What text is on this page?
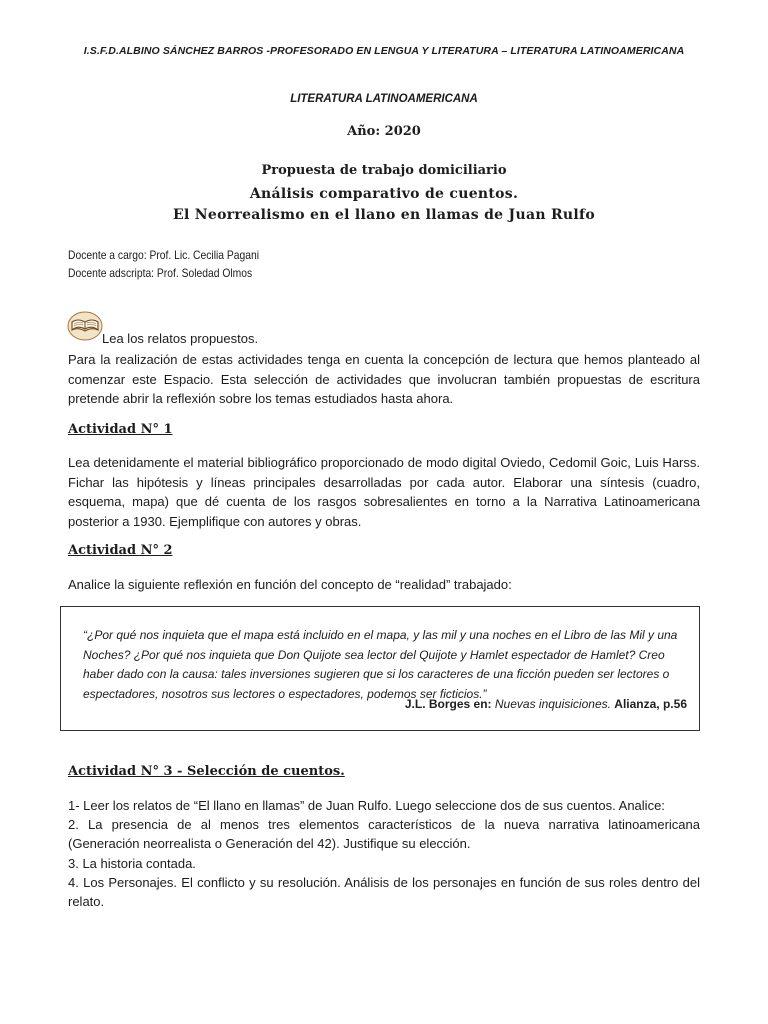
I.S.F.D.ALBINO SÁNCHEZ BARROS -PROFESORADO EN LENGUA Y LITERATURA – LITERATURA LATINOAMERICANA
LITERATURA LATINOAMERICANA
Año: 2020
Propuesta de trabajo domiciliario
Análisis comparativo de cuentos.
El Neorrealismo en el llano en llamas de Juan Rulfo
Docente a cargo: Prof. Lic. Cecilia Pagani
Docente adscripta: Prof. Soledad Olmos
Lea los relatos propuestos.
Para la realización de estas actividades tenga en cuenta la concepción de lectura que hemos planteado al comenzar este Espacio. Esta selección de actividades que involucran también propuestas de escritura pretende abrir la reflexión sobre los temas estudiados hasta ahora.
Actividad N° 1
Lea detenidamente el material bibliográfico proporcionado de modo digital Oviedo, Cedomil Goic, Luis Harss. Fichar las hipótesis y líneas principales desarrolladas por cada autor. Elaborar una síntesis (cuadro, esquema, mapa) que dé cuenta de los rasgos sobresalientes en torno a la Narrativa Latinoamericana posterior a 1930. Ejemplifique con autores y obras.
Actividad N° 2
Analice la siguiente reflexión en función del concepto de “realidad” trabajado:
“¿Por qué nos inquieta que el mapa está incluido en el mapa, y las mil y una noches en el Libro de las Mil y una Noches? ¿Por qué nos inquieta que Don Quijote sea lector del Quijote y Hamlet espectador de Hamlet? Creo haber dado con la causa: tales inversiones sugieren que si los caracteres de una ficción pueden ser lectores o espectadores, nosotros sus lectores o espectadores, podemos ser ficticios.”
J.L. Borges en: Nuevas inquisiciones. Alianza, p.56
Actividad N° 3 - Selección de cuentos.
1- Leer los relatos de “El llano en llamas” de Juan Rulfo. Luego seleccione dos de sus cuentos. Analice:
2. La presencia de al menos tres elementos característicos de la nueva narrativa latinoamericana (Generación neorrealista o Generación del 42). Justifique su elección.
3. La historia contada.
4. Los Personajes. El conflicto y su resolución. Análisis de los personajes en función de sus roles dentro del relato.
